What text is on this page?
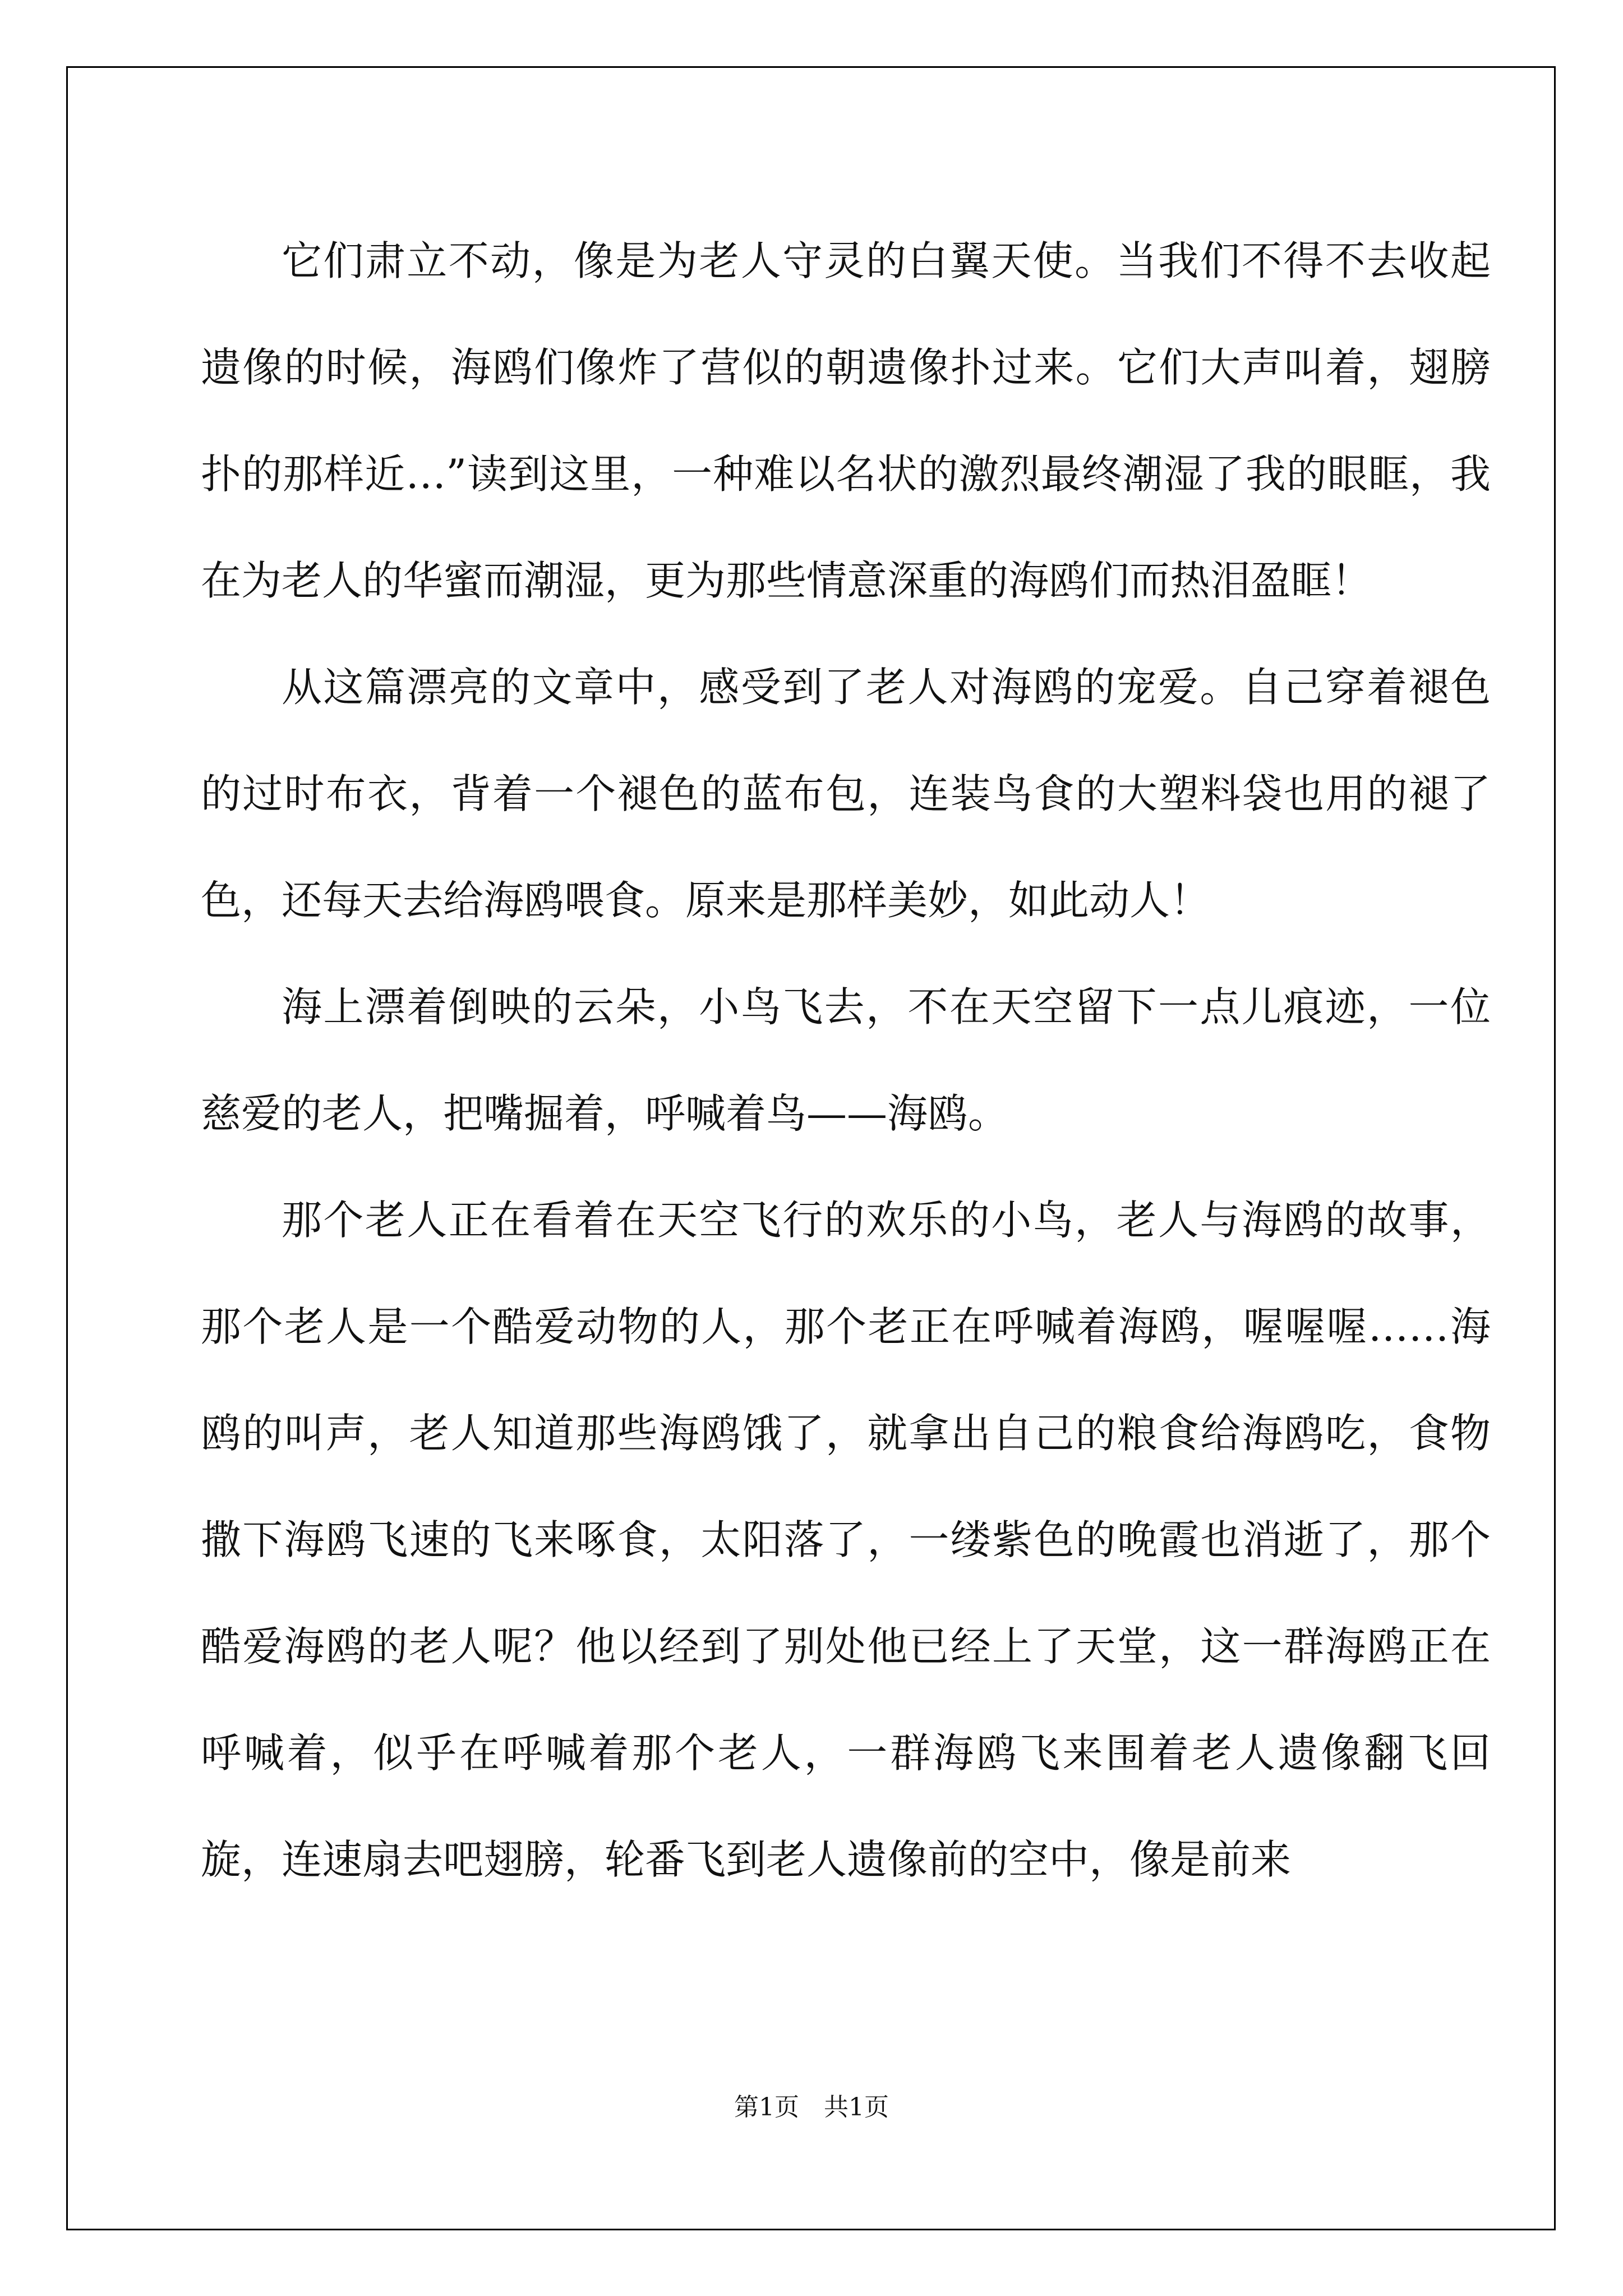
它们肃立不动，像是为老人守灵的白翼天使。当我们不得不去收起遗像的时候，海鸥们像炸了营似的朝遗像扑过来。它们大声叫着，翅膀扑的那样近…”读到这里，一种难以名状的激烈最终潮湿了我的眼眶，我在为老人的华蜜而潮湿，更为那些情意深重的海鸥们而热泪盈眶！

从这篇漂亮的文章中，感受到了老人对海鸥的宠爱。自己穿着褪色的过时布衣，背着一个褪色的蓝布包，连装鸟食的大塑料袋也用的褪了色，还每天去给海鸥喂食。原来是那样美妙，如此动人！

海上漂着倒映的云朵，小鸟飞去，不在天空留下一点儿痕迹，一位慈爱的老人，把嘴掘着，呼喊着鸟——海鸥。

那个老人正在看着在天空飞行的欢乐的小鸟，老人与海鸥的故事，那个老人是一个酷爱动物的人，那个老正在呼喊着海鸥，喔喔喔……海鸥的叫声，老人知道那些海鸥饿了，就拿出自己的粮食给海鸥吃，食物撒下海鸥飞速的飞来啄食，太阳落了，一缕紫色的晚霞也消逝了，那个酷爱海鸥的老人呢？他以经到了别处他已经上了天堂，这一群海鸥正在呼喊着，似乎在呼喊着那个老人，一群海鸥飞来围着老人遗像翻飞回旋，连速扇去吧翅膀，轮番飞到老人遗像前的空中，像是前来

第1页　共1页
